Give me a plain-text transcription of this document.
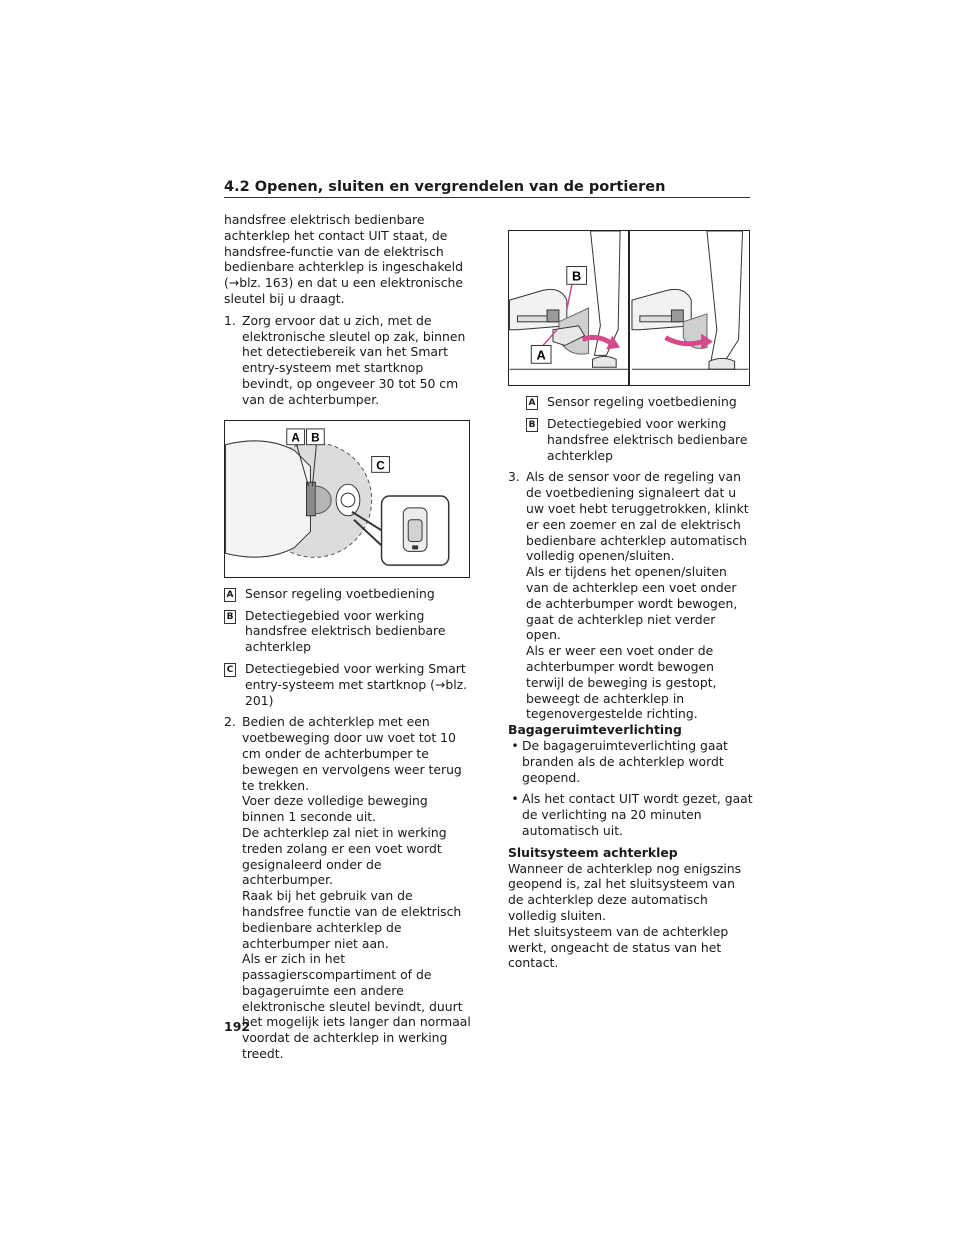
4.2 Openen, sluiten en vergrendelen van de portieren

handsfree elektrisch bedienbare achterklep het contact UIT staat, de handsfree-functie van de elektrisch bedienbare achterklep is ingeschakeld (→blz. 163) en dat u een elektronische sleutel bij u draagt.

1. Zorg ervoor dat u zich, met de elektronische sleutel op zak, binnen het detectiebereik van het Smart entry-systeem met startknop bevindt, op ongeveer 30 tot 50 cm van de achterbumper.
A B
C
A Sensor regeling voetbediening
B Detectiegebied voor werking handsfree elektrisch bedienbare achterklep
C Detectiegebied voor werking Smart entry-systeem met startknop (→blz. 201)
2. Bedien de achterklep met een voetbeweging door uw voet tot 10 cm onder de achterbumper te bewegen en vervolgens weer terug te trekken.

Voer deze volledige beweging binnen 1 seconde uit.

De achterklep zal niet in werking treden zolang er een voet wordt gesignaleerd onder de achterbumper.

Raak bij het gebruik van de handsfree functie van de elektrisch bedienbare achterklep de achterbumper niet aan.

Als er zich in het passagierscompartiment of de bagageruimte een andere elektronische sleutel bevindt, duurt het mogelijk iets langer dan normaal voordat de achterklep in werking treedt.

B
A
A Sensor regeling voetbediening
B Detectiegebied voor werking handsfree elektrisch bedienbare achterklep
3. Als de sensor voor de regeling van de voetbediening signaleert dat u uw voet hebt teruggetrokken, klinkt er een zoemer en zal de elektrisch bedienbare achterklep automatisch volledig openen/sluiten.

Als er tijdens het openen/sluiten van de achterklep een voet onder de achterbumper wordt bewogen, gaat de achterklep niet verder open.

Als er weer een voet onder de achterbumper wordt bewogen terwijl de beweging is gestopt, beweegt de achterklep in tegenovergestelde richting.

Bagageruimteverlichting

• De bagageruimteverlichting gaat branden als de achterklep wordt geopend.
• Als het contact UIT wordt gezet, gaat de verlichting na 20 minuten automatisch uit.

Sluitsysteem achterklep

Wanneer de achterklep nog enigszins geopend is, zal het sluitsysteem van de achterklep deze automatisch volledig sluiten.

Het sluitsysteem van de achterklep werkt, ongeacht de status van het contact.

192
